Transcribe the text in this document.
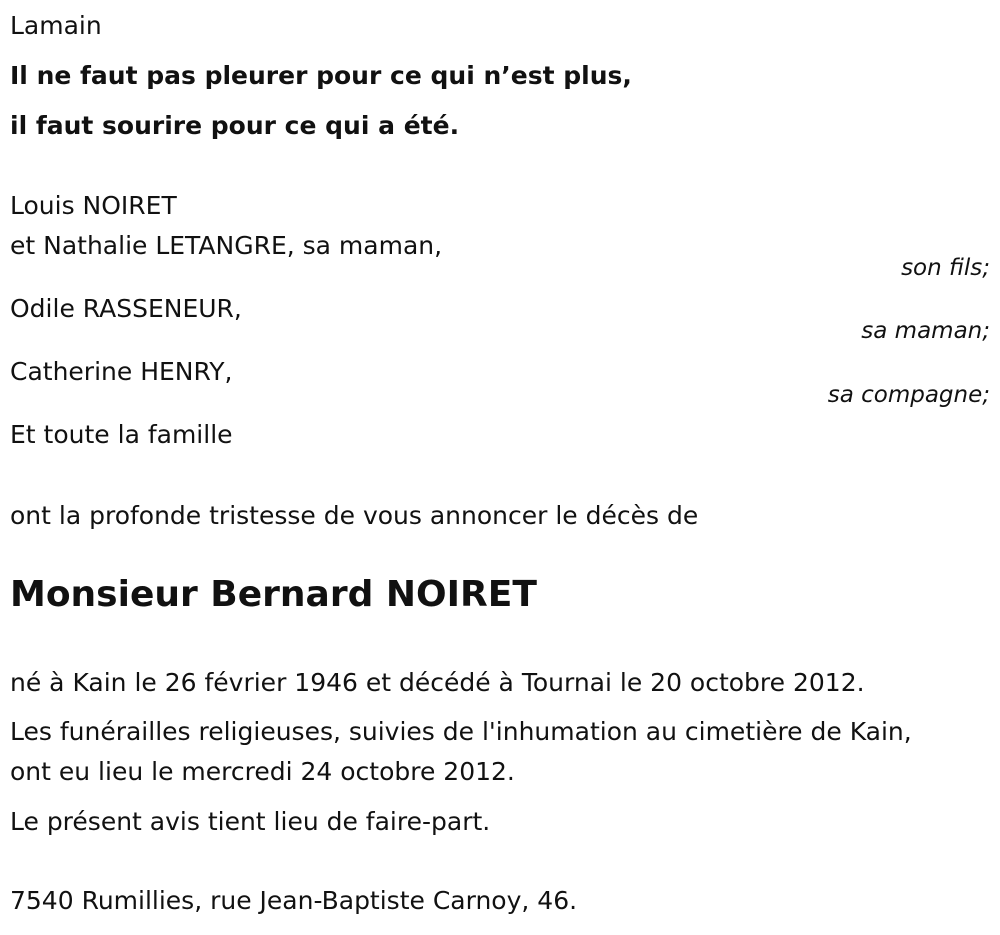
Lamain
Il ne faut pas pleurer pour ce qui n’est plus,
il faut sourire pour ce qui a été.
Louis NOIRET
et Nathalie LETANGRE, sa maman,
son fils;
Odile RASSENEUR,
sa maman;
Catherine HENRY,
sa compagne;
Et toute la famille
ont la profonde tristesse de vous annoncer le décès de
Monsieur Bernard NOIRET
né à Kain le 26 février 1946 et décédé à Tournai le 20 octobre 2012.
Les funérailles religieuses, suivies de l'inhumation au cimetière de Kain,
ont eu lieu le mercredi 24 octobre 2012.
Le présent avis tient lieu de faire-part.
7540 Rumillies, rue Jean-Baptiste Carnoy, 46.
